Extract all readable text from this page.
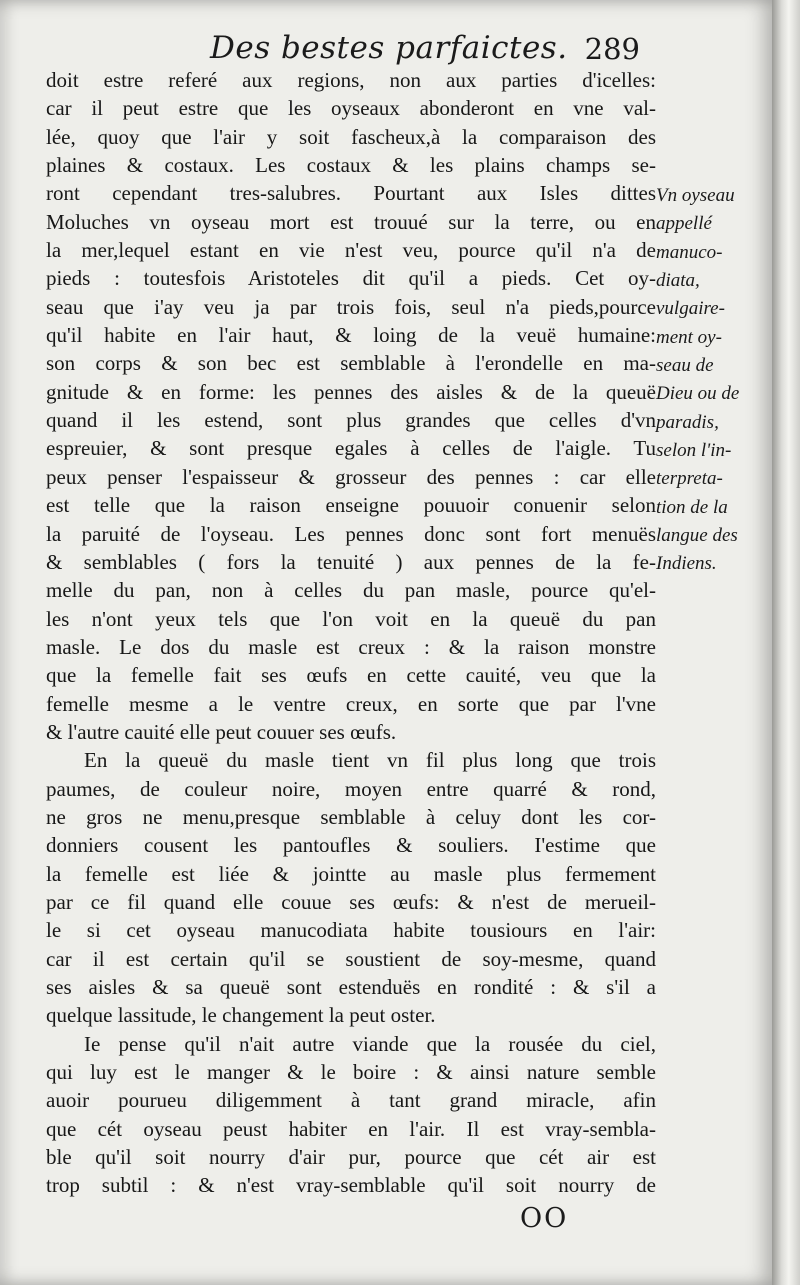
Des bestes parfaictes. 289
doit estre referé aux regions, non aux parties d'icelles:
car il peut estre que les oyseaux abonderont en vne val-
lée, quoy que l'air y soit fascheux,à la comparaison des
plaines & costaux. Les costaux & les plains champs se-
ront cependant tres-salubres. Pourtant aux Isles dittes
Moluches vn oyseau mort est trouué sur la terre, ou en
la mer,lequel estant en vie n'est veu, pource qu'il n'a de
pieds : toutesfois Aristoteles dit qu'il a pieds. Cet oy-
seau que i'ay veu ja par trois fois, seul n'a pieds,pource
qu'il habite en l'air haut, & loing de la veuë humaine:
son corps & son bec est semblable à l'erondelle en ma-
gnitude & en forme: les pennes des aisles & de la queuë
quand il les estend, sont plus grandes que celles d'vn
espreuier, & sont presque egales à celles de l'aigle. Tu
peux penser l'espaisseur & grosseur des pennes : car elle
est telle que la raison enseigne pouuoir conuenir selon
la paruité de l'oyseau. Les pennes donc sont fort menuës
& semblables ( fors la tenuité ) aux pennes de la fe-
melle du pan, non à celles du pan masle, pource qu'el-
les n'ont yeux tels que l'on voit en la queuë du pan
masle. Le dos du masle est creux : & la raison monstre
que la femelle fait ses œufs en cette cauité, veu que la
femelle mesme a le ventre creux, en sorte que par l'vne
& l'autre cauité elle peut couuer ses œufs.
En la queuë du masle tient vn fil plus long que trois
paumes, de couleur noire, moyen entre quarré & rond,
ne gros ne menu,presque semblable à celuy dont les cor-
donniers cousent les pantoufles & souliers. I'estime que
la femelle est liée & jointte au masle plus fermement
par ce fil quand elle couue ses œufs: & n'est de merueil-
le si cet oyseau manucodiata habite tousiours en l'air:
car il est certain qu'il se soustient de soy-mesme, quand
ses aisles & sa queuë sont estenduës en rondité : & s'il a
quelque lassitude, le changement la peut oster.
Ie pense qu'il n'ait autre viande que la rousée du ciel,
qui luy est le manger & le boire : & ainsi nature semble
auoir pourueu diligemment à tant grand miracle, afin
que cét oyseau peust habiter en l'air. Il est vray-sembla-
ble qu'il soit nourry d'air pur, pource que cét air est
trop subtil : & n'est vray-semblable qu'il soit nourry de
Vn oyseau
appellé
manuco-
diata,
vulgaire-
ment oy-
seau de
Dieu ou de
paradis,
selon l'in-
terpreta-
tion de la
langue des
Indiens.
OO
